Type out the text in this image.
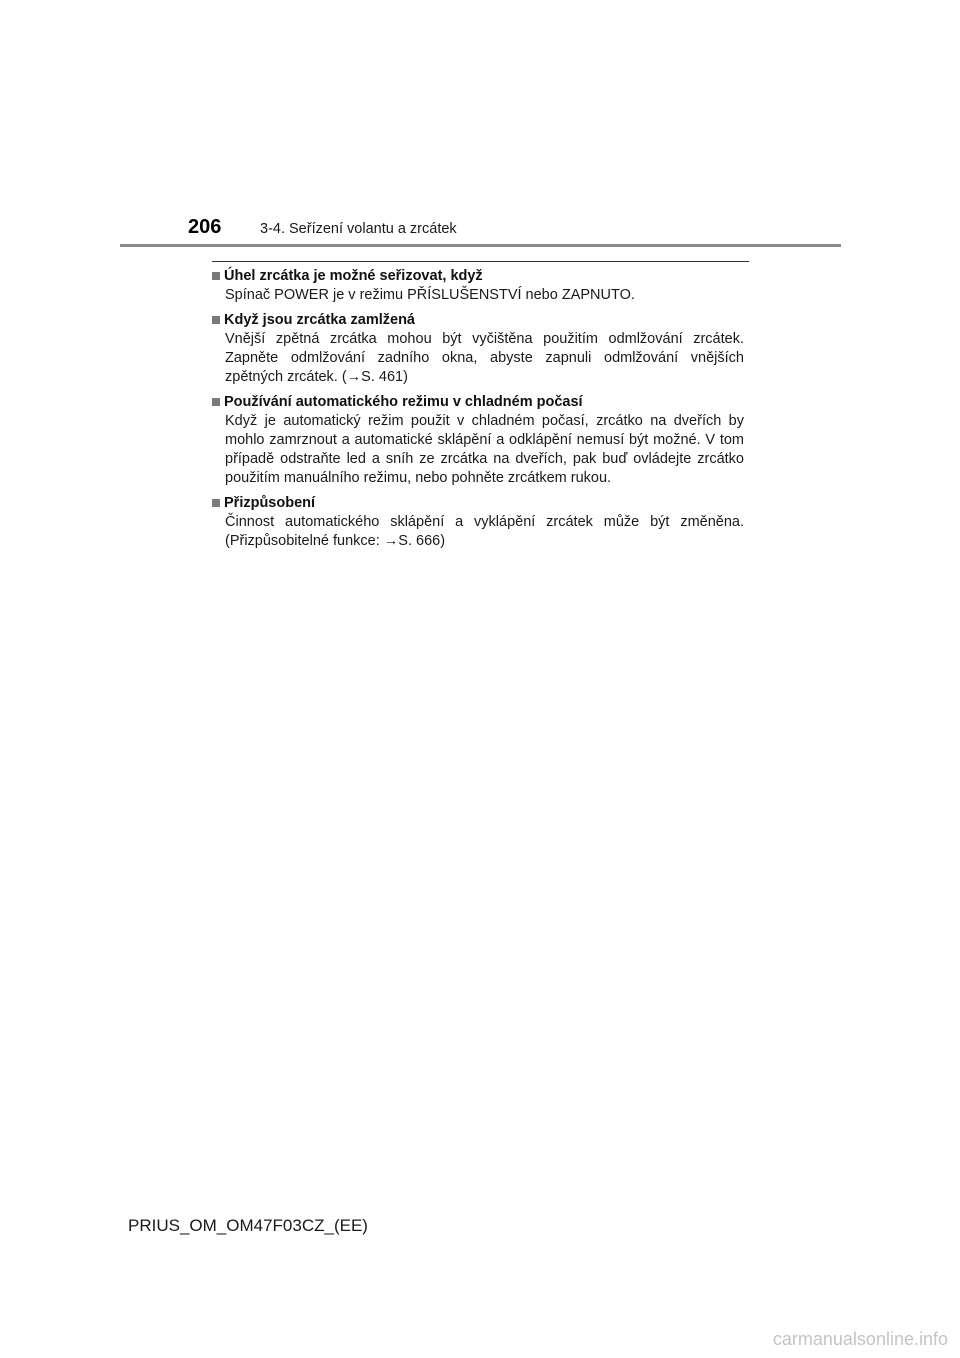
206	3-4. Seřízení volantu a zrcátek
Úhel zrcátka je možné seřizovat, když
Spínač POWER je v režimu PŘÍSLUŠENSTVÍ nebo ZAPNUTO.
Když jsou zrcátka zamlžená
Vnější zpětná zrcátka mohou být vyčištěna použitím odmlžování zrcátek. Zapněte odmlžování zadního okna, abyste zapnuli odmlžování vnějších zpětných zrcátek. (→S. 461)
Používání automatického režimu v chladném počasí
Když je automatický režim použit v chladném počasí, zrcátko na dveřích by mohlo zamrznout a automatické sklápění a odklápění nemusí být možné. V tom případě odstraňte led a sníh ze zrcátka na dveřích, pak buď ovládejte zrcátko použitím manuálního režimu, nebo pohněte zrcátkem rukou.
Přizpůsobení
Činnost automatického sklápění a vyklápění zrcátek může být změněna. (Přizpůsobitelné funkce: →S. 666)
PRIUS_OM_OM47F03CZ_(EE)
carmanualsonline.info
